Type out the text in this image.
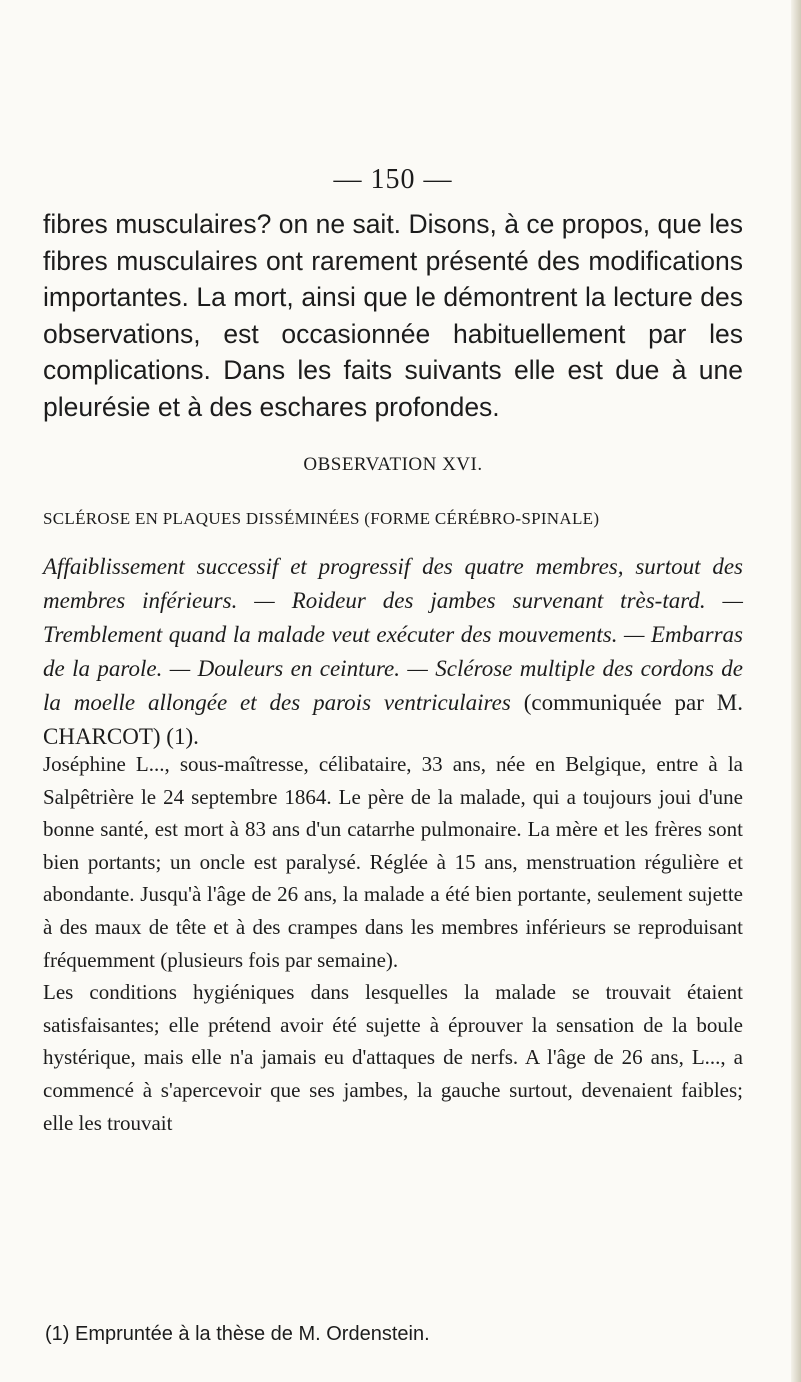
— 150 —
fibres musculaires? on ne sait. Disons, à ce propos, que les fibres musculaires ont rarement présenté des modifications importantes. La mort, ainsi que le démontrent la lecture des observations, est occasionnée habituellement par les complications. Dans les faits suivants elle est due à une pleurésie et à des eschares profondes.
OBSERVATION XVI.
SCLÉROSE EN PLAQUES DISSÉMINÉES (FORME CÉRÉBRO-SPINALE)
Affaiblissement successif et progressif des quatre membres, surtout des membres inférieurs. — Roideur des jambes survenant très-tard. — Tremblement quand la malade veut exécuter des mouvements. — Embarras de la parole. — Douleurs en ceinture. — Sclérose multiple des cordons de la moelle allongée et des parois ventriculaires (communiquée par M. CHARCOT) (1).

Joséphine L..., sous-maîtresse, célibataire, 33 ans, née en Belgique, entre à la Salpêtrière le 24 septembre 1864. Le père de la malade, qui a toujours joui d'une bonne santé, est mort à 83 ans d'un catarrhe pulmonaire. La mère et les frères sont bien portants; un oncle est paralysé. Réglée à 15 ans, menstruation régulière et abondante. Jusqu'à l'âge de 26 ans, la malade a été bien portante, seulement sujette à des maux de tête et à des crampes dans les membres inférieurs se reproduisant fréquemment (plusieurs fois par semaine).

Les conditions hygiéniques dans lesquelles la malade se trouvait étaient satisfaisantes; elle prétend avoir été sujette à éprouver la sensation de la boule hystérique, mais elle n'a jamais eu d'attaques de nerfs. A l'âge de 26 ans, L..., a commencé à s'apercevoir que ses jambes, la gauche surtout, devenaient faibles; elle les trouvait

(1) Empruntée à la thèse de M. Ordenstein.
